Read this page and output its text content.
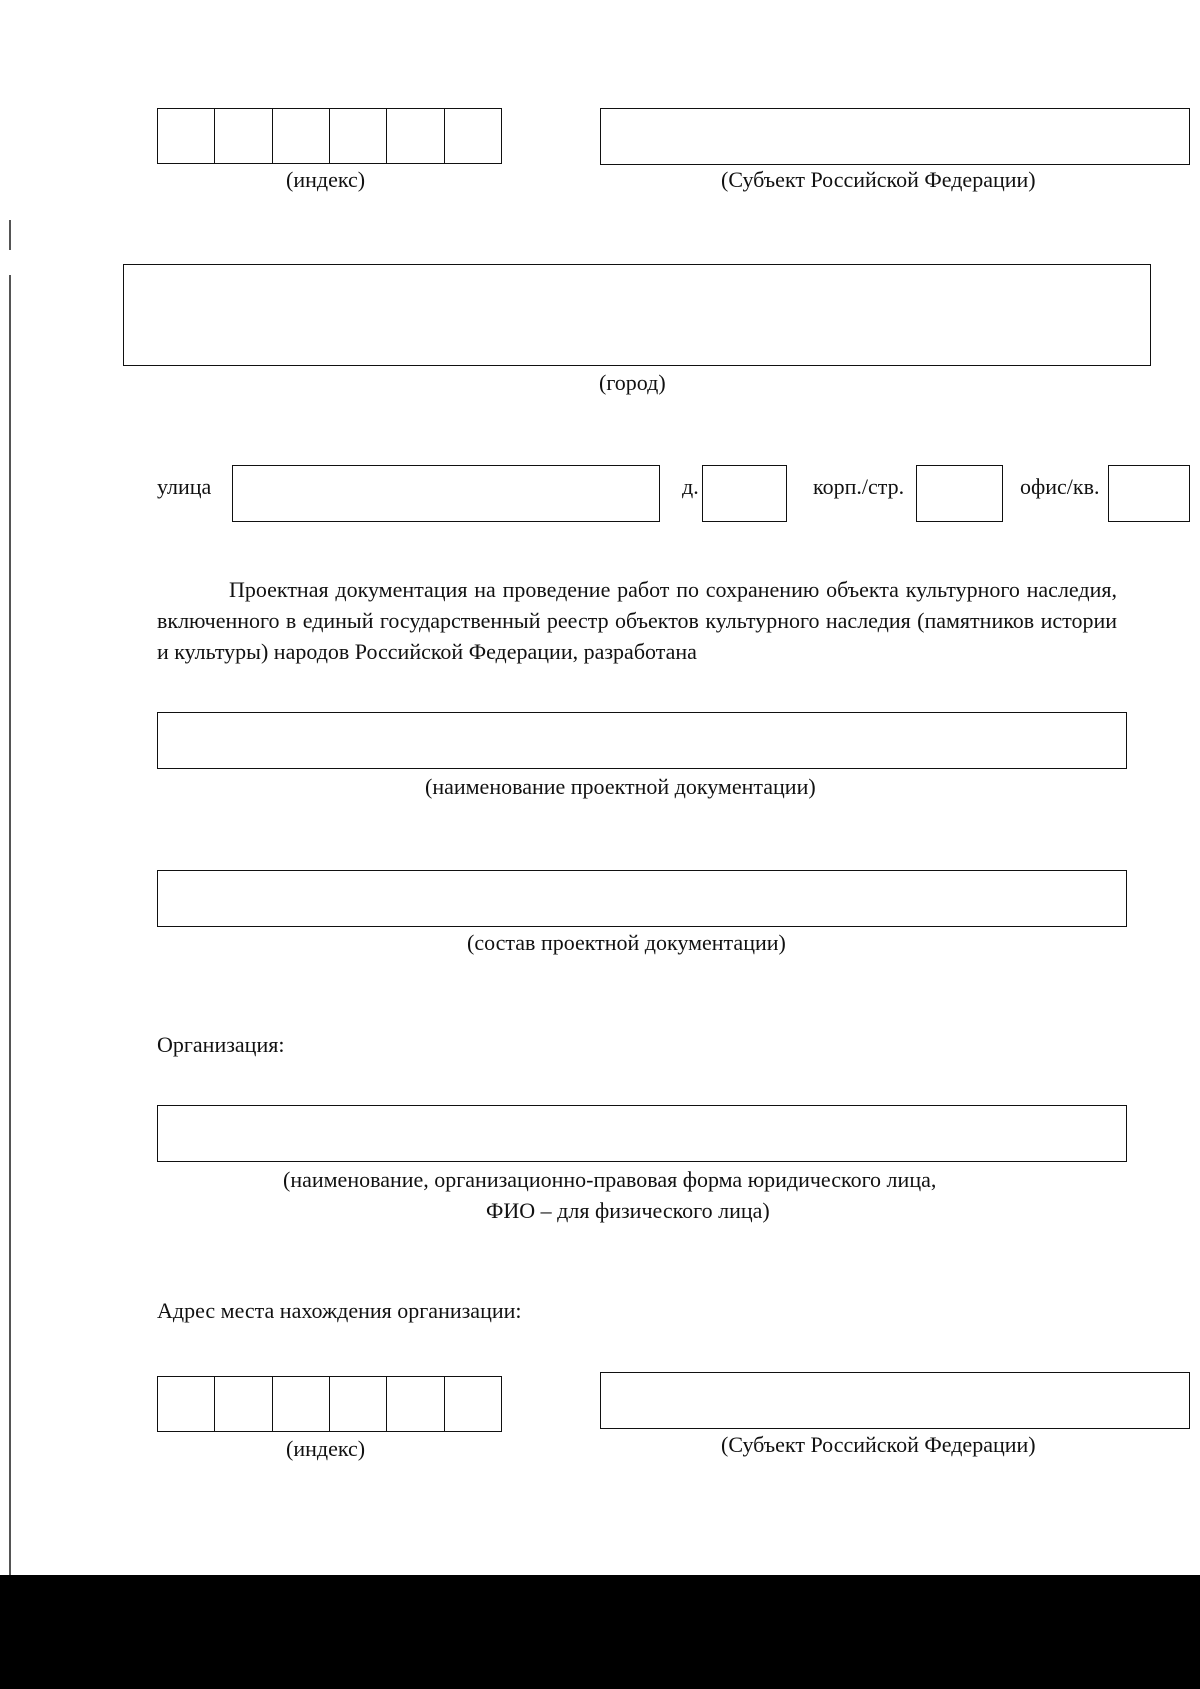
(индекс)	(Субъект Российской Федерации)
(город)
улица	д.	корп./стр.	офис/кв.
Проектная документация на проведение работ по сохранению объекта культурного наследия, включенного в единый государственный реестр объектов культурного наследия (памятников истории и культуры) народов Российской Федерации, разработана
(наименование проектной документации)
(состав проектной документации)
Организация:
(наименование, организационно-правовая форма юридического лица,
ФИО – для физического лица)
Адрес места нахождения организации:
(индекс)	(Субъект Российской Федерации)
